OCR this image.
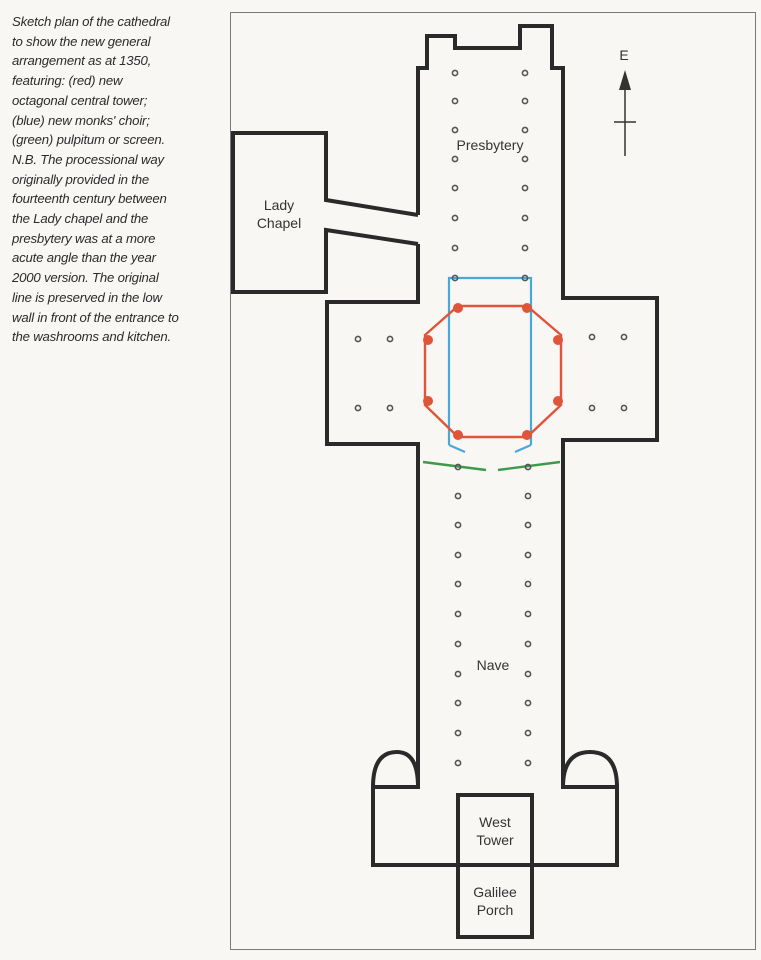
Sketch plan of the cathedral
to show the new general
arrangement as at 1350,
featuring: (red) new
octagonal central tower;
(blue) new monks' choir;
(green) pulpitum or screen.
N.B. The processional way
originally provided in the
fourteenth century between
the Lady chapel and the
presbytery was at a more
acute angle than the year
2000 version. The original
line is preserved in the low
wall in front of the entrance to
the washrooms and kitchen.

E
Presbytery
Lady
Chapel
Nave
West
Tower
Galilee
Porch
